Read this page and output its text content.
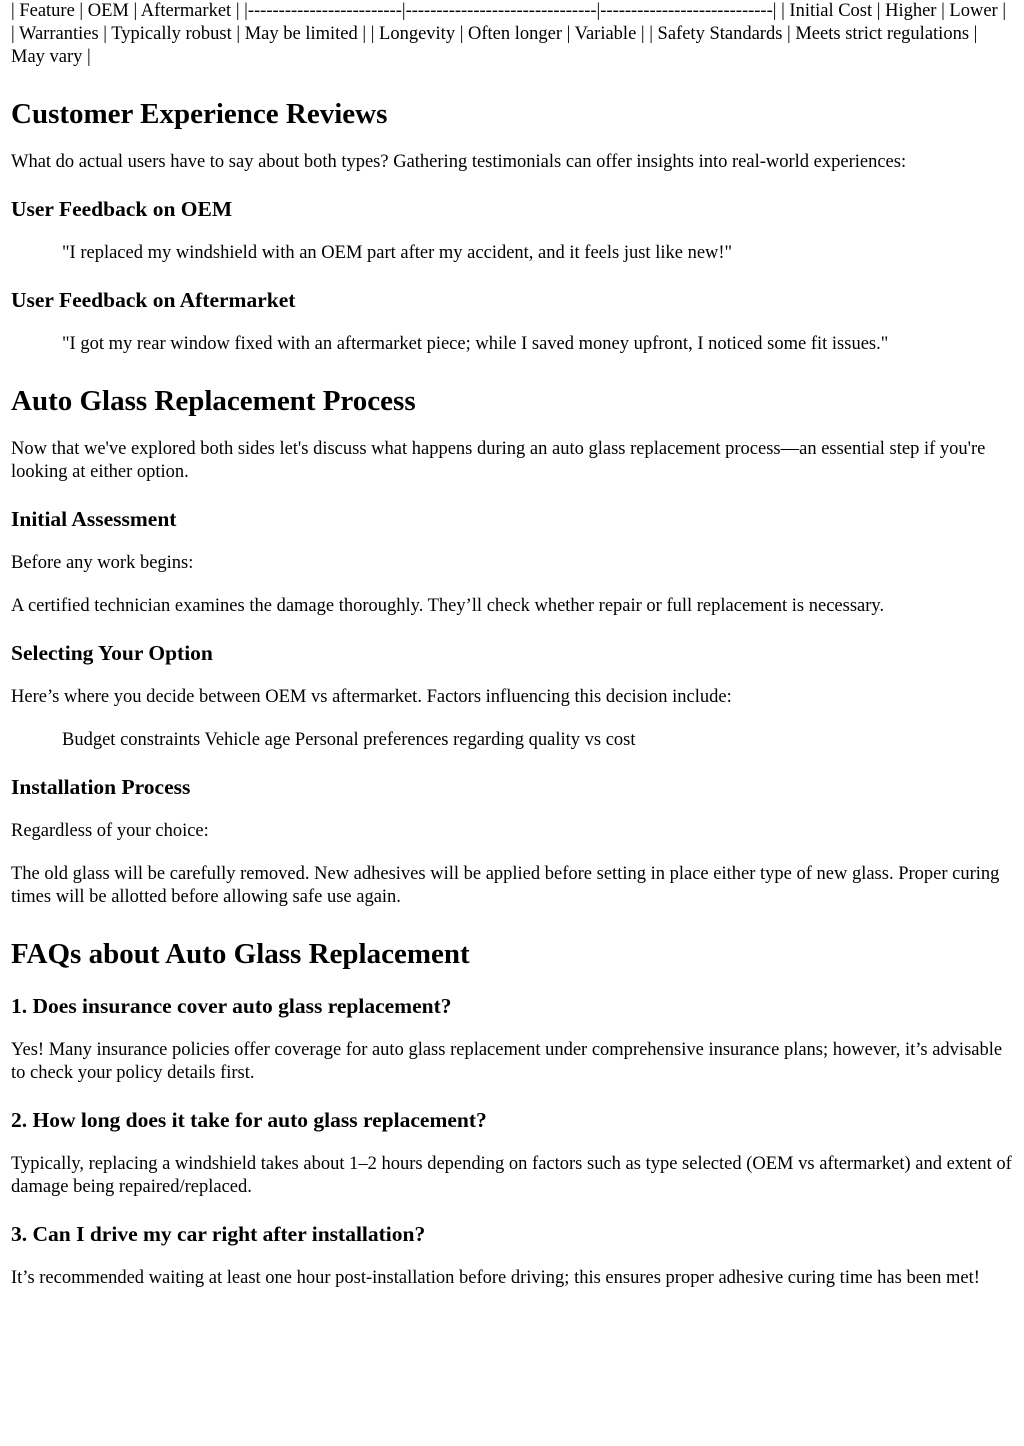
| Feature | OEM | Aftermarket | |-------------------------|-------------------------------|----------------------------| | Initial Cost | Higher | Lower | | Warranties | Typically robust | May be limited | | Longevity | Often longer | Variable | | Safety Standards | Meets strict regulations | May vary |

Customer Experience Reviews

What do actual users have to say about both types? Gathering testimonials can offer insights into real-world experiences:

User Feedback on OEM
"I replaced my windshield with an OEM part after my accident, and it feels just like new!"
User Feedback on Aftermarket
"I got my rear window fixed with an aftermarket piece; while I saved money upfront, I noticed some fit issues."
Auto Glass Replacement Process

Now that we've explored both sides let's discuss what happens during an auto glass replacement process—an essential step if you're looking at either option.

Initial Assessment

Before any work begins:

A certified technician examines the damage thoroughly. They’ll check whether repair or full replacement is necessary.

Selecting Your Option

Here’s where you decide between OEM vs aftermarket. Factors influencing this decision include:

Budget constraints Vehicle age Personal preferences regarding quality vs cost
Installation Process

Regardless of your choice:

The old glass will be carefully removed. New adhesives will be applied before setting in place either type of new glass. Proper curing times will be allotted before allowing safe use again.

FAQs about Auto Glass Replacement
1. Does insurance cover auto glass replacement?

Yes! Many insurance policies offer coverage for auto glass replacement under comprehensive insurance plans; however, it’s advisable to check your policy details first.

2. How long does it take for auto glass replacement?

Typically, replacing a windshield takes about 1–2 hours depending on factors such as type selected (OEM vs aftermarket) and extent of damage being repaired/replaced.

3. Can I drive my car right after installation?

It’s recommended waiting at least one hour post-installation before driving; this ensures proper adhesive curing time has been met!
